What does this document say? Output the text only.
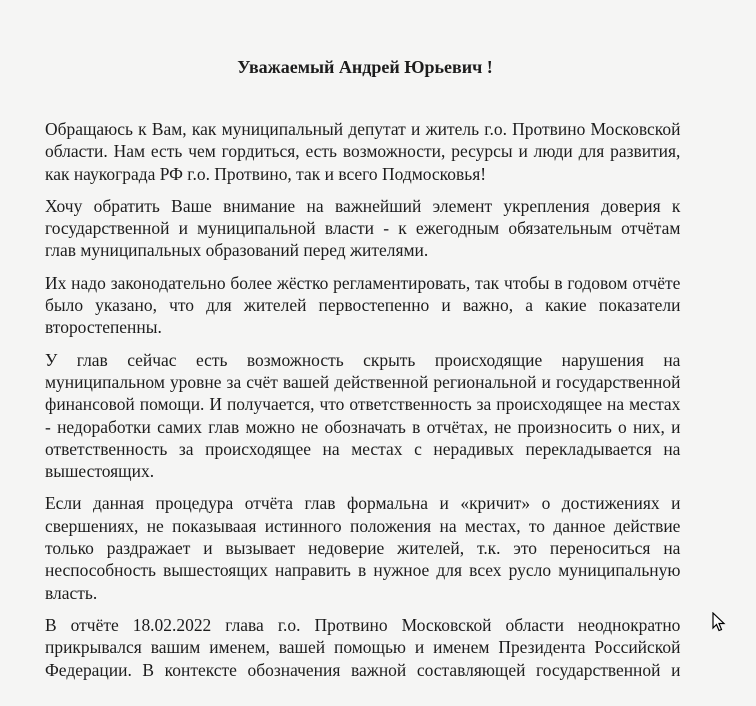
Уважаемый Андрей Юрьевич !
Обращаюсь к Вам, как муниципальный депутат и житель г.о. Протвино Московской
области. Нам есть чем гордиться, есть возможности, ресурсы и люди для развития,
как наукограда РФ г.о. Протвино, так и всего Подмосковья!
Хочу обратить Ваше внимание на важнейший элемент укрепления доверия к
государственной и муниципальной власти - к ежегодным обязательным отчётам
глав муниципальных образований перед жителями.
Их надо законодательно более жёстко регламентировать, так чтобы в годовом отчёте
было указано, что для жителей первостепенно и важно, а какие показатели
второстепенны.
У глав сейчас есть возможность скрыть происходящие нарушения на
муниципальном уровне за счёт вашей действенной региональной и государственной
финансовой помощи. И получается, что ответственность за происходящее на местах
- недоработки самих глав можно не обозначать в отчётах, не произносить о них, и
ответственность за происходящее на местах с нерадивых перекладывается на
вышестоящих.
Если данная процедура отчёта глав формальна и «кричит» о достижениях и
свершениях, не показываая истинного положения на местах, то данное действие
только раздражает и вызывает недоверие жителей, т.к. это переноситься на
неспособность вышестоящих направить в нужное для всех русло муниципальную
власть.
В отчёте 18.02.2022 глава г.о. Протвино Московской области неоднократно
прикрывался вашим именем, вашей помощью и именем Президента Российской
Федерации. В контексте обозначения важной составляющей государственной и
